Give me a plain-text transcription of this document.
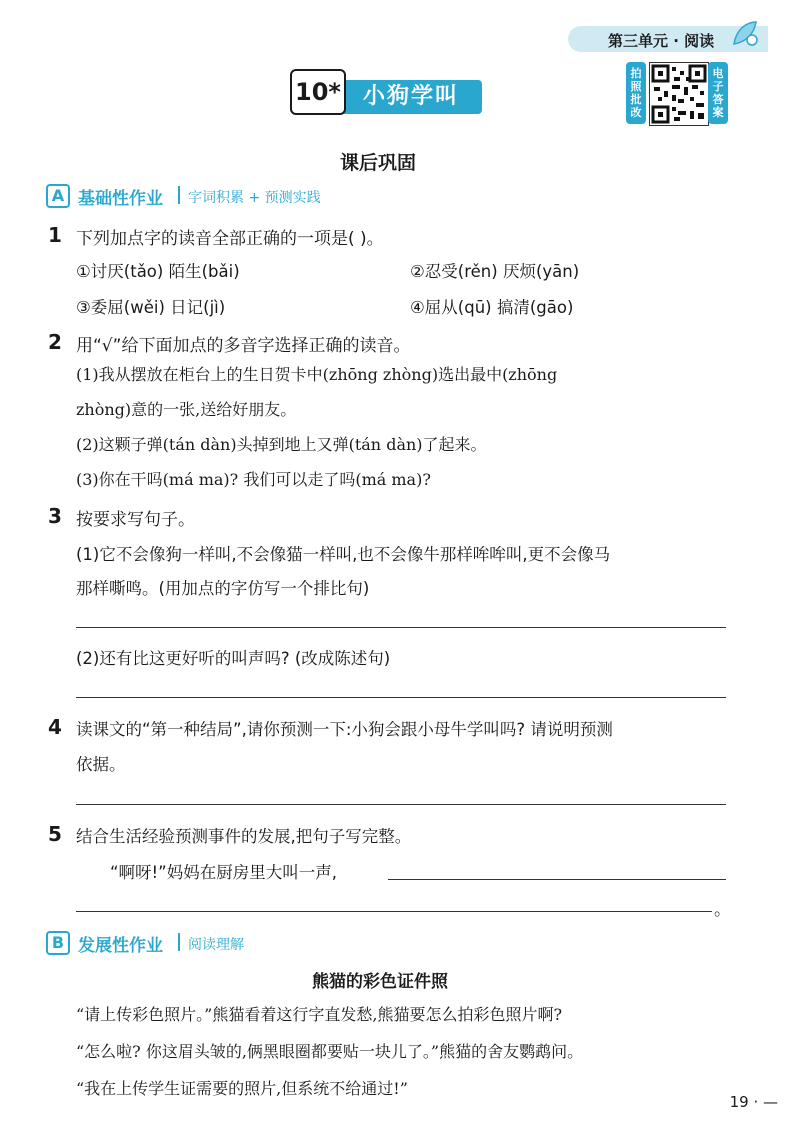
第三单元 · 阅读
小狗学叫
10*
拍
照
批
改
电
子
答
案
课后巩固
A 基础性作业 字词积累 + 预测实践
1 下列加点字的读音全部正确的一项是( )。
①讨厌(tǎo) 陌生(bǎi)	②忍受(rěn) 厌烦(yān)
③委屈(wěi) 日记(jì)	④屈从(qū) 搞清(gāo)
2 用“√”给下面加点的多音字选择正确的读音。
(1)我从摆放在柜台上的生日贺卡中(zhōng zhòng)选出最中(zhōng
zhòng)意的一张,送给好朋友。
(2)这颗子弹(tán dàn)头掉到地上又弹(tán dàn)了起来。
(3)你在干吗(má ma)? 我们可以走了吗(má ma)?
3 按要求写句子。
(1)它不会像狗一样叫,不会像猫一样叫,也不会像牛那样哞哞叫,更不会像马
那样嘶鸣。(用加点的字仿写一个排比句)
(2)还有比这更好听的叫声吗? (改成陈述句)
4 读课文的“第一种结局”,请你预测一下:小狗会跟小母牛学叫吗? 请说明预测
依据。
5 结合生活经验预测事件的发展,把句子写完整。
“啊呀!”妈妈在厨房里大叫一声,
。
B 发展性作业 阅读理解
熊猫的彩色证件照
“请上传彩色照片。”熊猫看着这行字直发愁,熊猫要怎么拍彩色照片啊?
“怎么啦? 你这眉头皱的,俩黑眼圈都要贴一块儿了。”熊猫的舍友鹦鹉问。
“我在上传学生证需要的照片,但系统不给通过!”
19 · —
